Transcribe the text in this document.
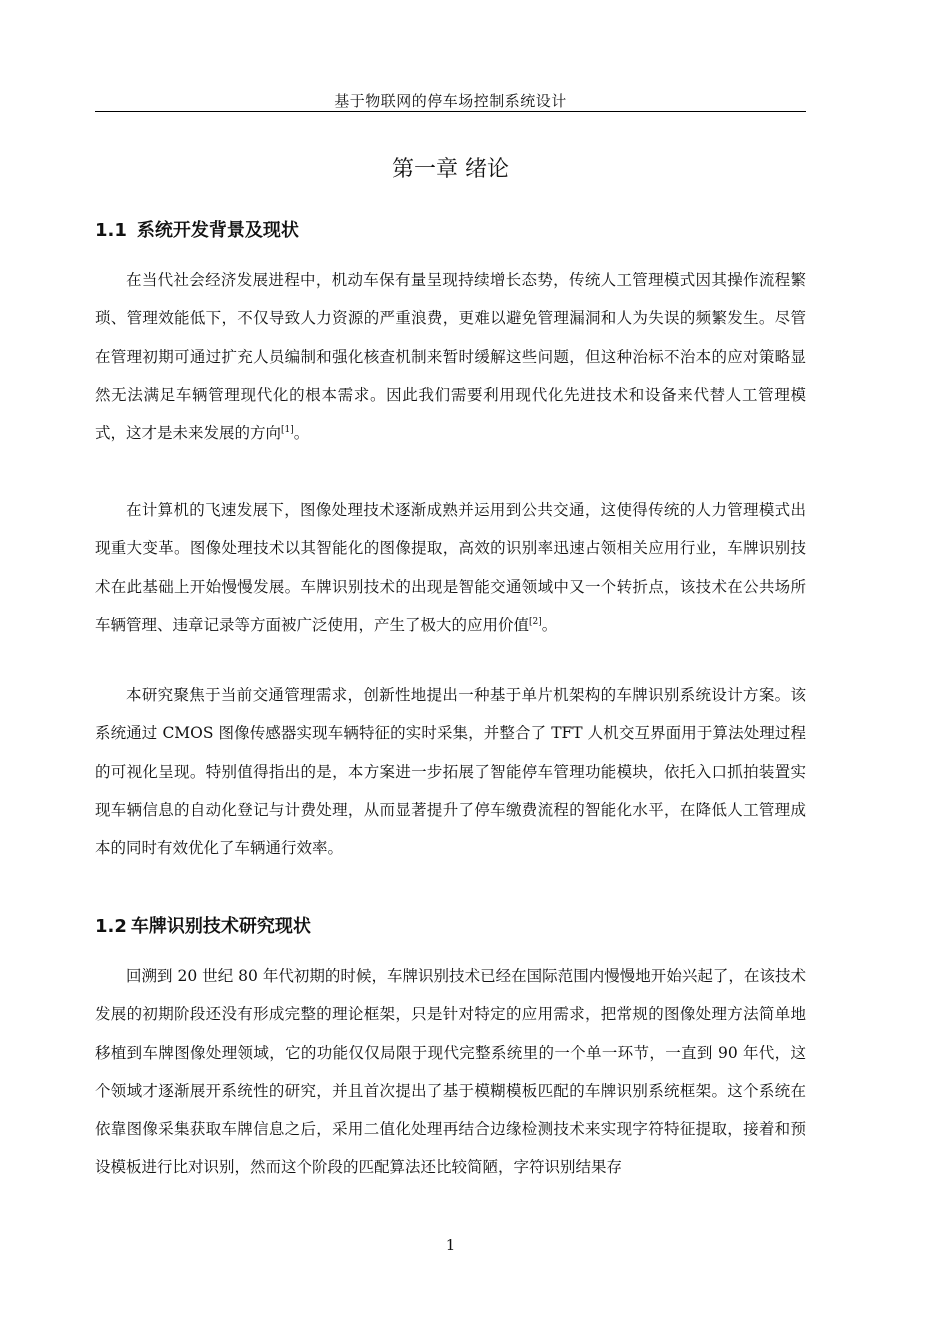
基于物联网的停车场控制系统设计
第一章 绪论
1.1 系统开发背景及现状

在当代社会经济发展进程中，机动车保有量呈现持续增长态势，传统人工管理模式因其操作流程繁琐、管理效能低下，不仅导致人力资源的严重浪费，更难以避免管理漏洞和人为失误的频繁发生。尽管在管理初期可通过扩充人员编制和强化核查机制来暂时缓解这些问题，但这种治标不治本的应对策略显然无法满足车辆管理现代化的根本需求。因此我们需要利用现代化先进技术和设备来代替人工管理模式，这才是未来发展的方向[1]。

在计算机的飞速发展下，图像处理技术逐渐成熟并运用到公共交通，这使得传统的人力管理模式出现重大变革。图像处理技术以其智能化的图像提取，高效的识别率迅速占领相关应用行业，车牌识别技术在此基础上开始慢慢发展。车牌识别技术的出现是智能交通领域中又一个转折点，该技术在公共场所车辆管理、违章记录等方面被广泛使用，产生了极大的应用价值[2]。

本研究聚焦于当前交通管理需求，创新性地提出一种基于单片机架构的车牌识别系统设计方案。该系统通过 CMOS 图像传感器实现车辆特征的实时采集，并整合了 TFT 人机交互界面用于算法处理过程的可视化呈现。特别值得指出的是，本方案进一步拓展了智能停车管理功能模块，依托入口抓拍装置实现车辆信息的自动化登记与计费处理，从而显著提升了停车缴费流程的智能化水平，在降低人工管理成本的同时有效优化了车辆通行效率。

1.2 车牌识别技术研究现状

回溯到 20 世纪 80 年代初期的时候，车牌识别技术已经在国际范围内慢慢地开始兴起了，在该技术发展的初期阶段还没有形成完整的理论框架，只是针对特定的应用需求，把常规的图像处理方法简单地移植到车牌图像处理领域，它的功能仅仅局限于现代完整系统里的一个单一环节，一直到 90 年代，这个领域才逐渐展开系统性的研究，并且首次提出了基于模糊模板匹配的车牌识别系统框架。这个系统在依靠图像采集获取车牌信息之后，采用二值化处理再结合边缘检测技术来实现字符特征提取，接着和预设模板进行比对识别，然而这个阶段的匹配算法还比较简陋，字符识别结果存

1
